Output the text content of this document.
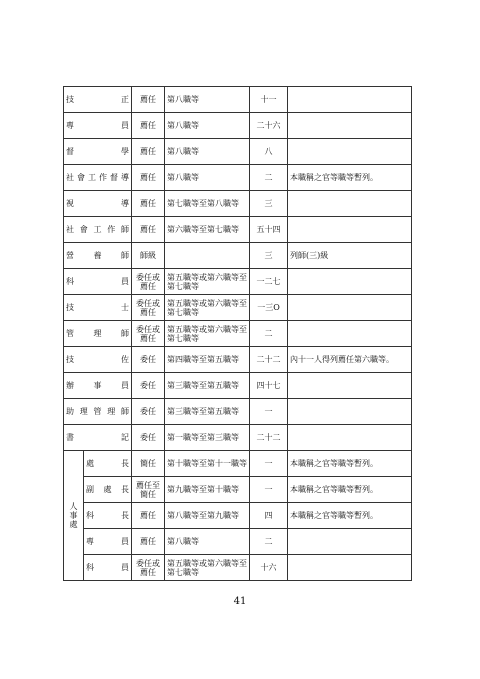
技正		薦任	第八職等	十一	

專員		薦任	第八職等	二十六	

督學		薦任	第八職等	八	

社會工作督導		薦任	第八職等	二	本職稱之官等職等暫列。

視導		薦任	第七職等至第八職等	三	

社會工作師		薦任	第六職等至第七職等	五十四	

營養師		師級		三	列師(三)級

科員		委任或薦任	第五職等或第六職等至第七職等	一二七	

技士		委任或薦任	第五職等或第六職等至第七職等	一三O	

管理師		委任或薦任	第五職等或第六職等至第七職等	二	

技佐		委任	第四職等至第五職等	二十二	內十一人得列薦任第六職等。

辦事員		委任	第三職等至第五職等	四十七	

助理管理師		委任	第三職等至第五職等	一	

書記		委任	第一職等至第三職等	二十二	

人
事
處	處長	簡任	第十職等至第十一職等	一	本職稱之官等職等暫列。

	副處長	薦任至簡任	第九職等至第十職等	一	本職稱之官等職等暫列。

	科長	薦任	第八職等至第九職等	四	本職稱之官等職等暫列。

	專員	薦任	第八職等	二	

	科員	委任或薦任	第五職等或第六職等至第七職等	十六	
41
